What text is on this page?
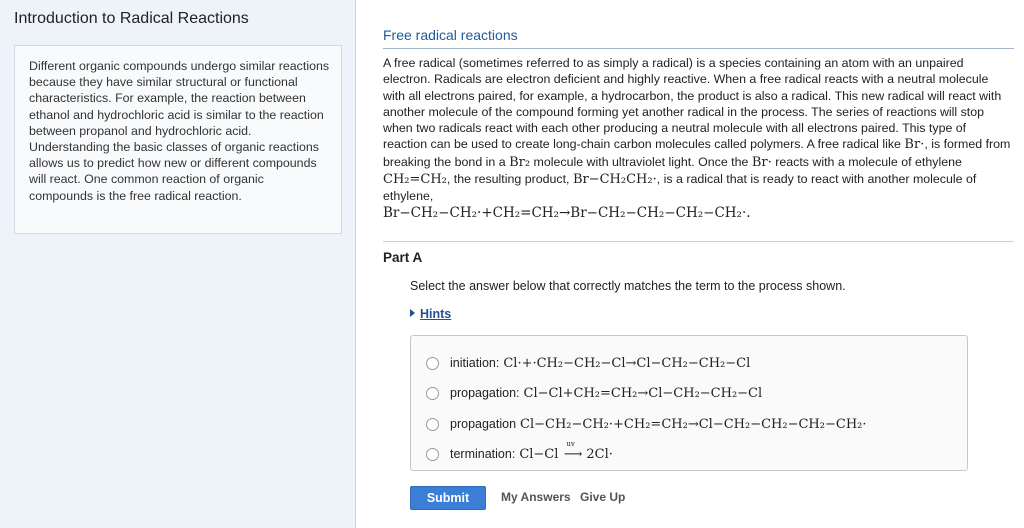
Introduction to Radical Reactions
Different organic compounds undergo similar reactions because they have similar structural or functional characteristics. For example, the reaction between ethanol and hydrochloric acid is similar to the reaction between propanol and hydrochloric acid. Understanding the basic classes of organic reactions allows us to predict how new or different compounds will react. One common reaction of organic compounds is the free radical reaction.
Free radical reactions
A free radical (sometimes referred to as simply a radical) is a species containing an atom with an unpaired electron. Radicals are electron deficient and highly reactive. When a free radical reacts with a neutral molecule with all electrons paired, for example, a hydrocarbon, the product is also a radical. This new radical will react with another molecule of the compound forming yet another radical in the process. The series of reactions will stop when two radicals react with each other producing a neutral molecule with all electrons paired. This type of reaction can be used to create long-chain carbon molecules called polymers. A free radical like Br·, is formed from breaking the bond in a Br₂ molecule with ultraviolet light. Once the Br· reacts with a molecule of ethylene CH₂=CH₂, the resulting product, Br−CH₂CH₂·, is a radical that is ready to react with another molecule of ethylene,
Br−CH₂−CH₂·+CH₂=CH₂→Br−CH₂−CH₂−CH₂−CH₂·.
Part A
Select the answer below that correctly matches the term to the process shown.
Hints
initiation: Cl·+·CH₂−CH₂−Cl→Cl−CH₂−CH₂−Cl
propagation: Cl−Cl+CH₂=CH₂→Cl−CH₂−CH₂−Cl
propagation Cl−CH₂−CH₂·+CH₂=CH₂→Cl−CH₂−CH₂−CH₂−CH₂·
termination: Cl−Cl

uv
⟶ 2Cl·
Submit	My Answers Give Up
